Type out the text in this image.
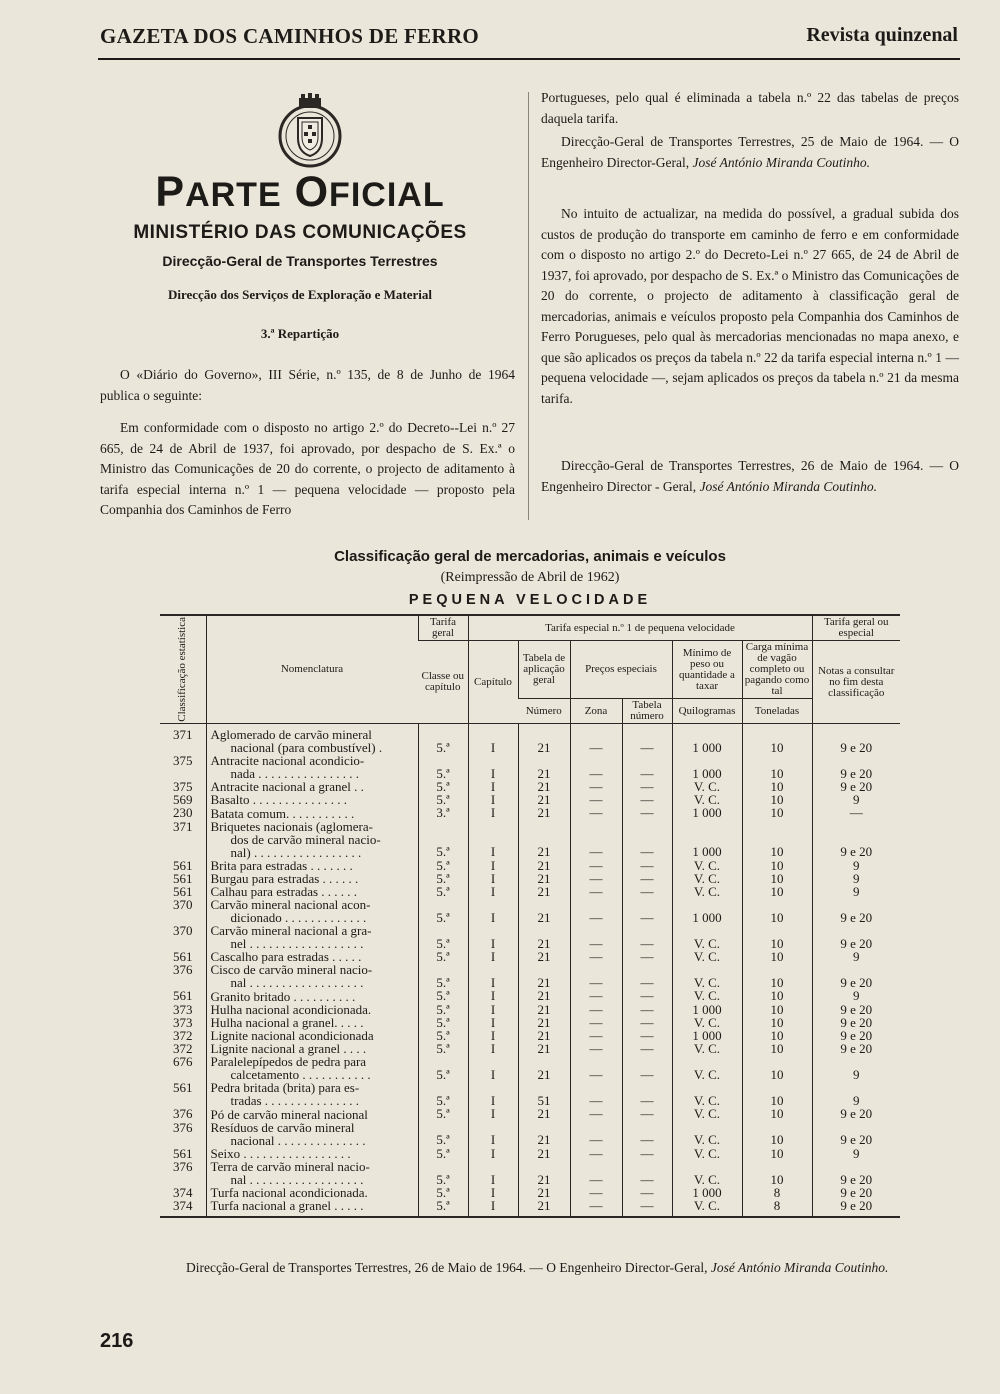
GAZETA DOS CAMINHOS DE FERRO	Revista quinzenal
PARTE OFICIAL
MINISTÉRIO DAS COMUNICAÇÕES
Direcção-Geral de Transportes Terrestres
Direcção dos Serviços de Exploração e Material
3.ª Repartição

O «Diário do Governo», III Série, n.º 135, de 8 de Junho de 1964 publica o seguinte:

Em conformidade com o disposto no artigo 2.º do Decreto--Lei n.º 27 665, de 24 de Abril de 1937, foi aprovado, por despacho de S. Ex.ª o Ministro das Comunicações de 20 do corrente, o projecto de aditamento à tarifa especial interna n.º 1 — pequena velocidade — proposto pela Companhia dos Caminhos de Ferro

Portugueses, pelo qual é eliminada a tabela n.º 22 das tabelas de preços daquela tarifa.

Direcção-Geral de Transportes Terrestres, 25 de Maio de 1964. — O Engenheiro Director-Geral, José António Miranda Coutinho.

No intuito de actualizar, na medida do possível, a gradual subida dos custos de produção do transporte em caminho de ferro e em conformidade com o disposto no artigo 2.º do Decreto-Lei n.º 27 665, de 24 de Abril de 1937, foi aprovado, por despacho de S. Ex.ª o Ministro das Comunicações de 20 do corrente, o projecto de aditamento à classificação geral de mercadorias, animais e veículos proposto pela Companhia dos Caminhos de Ferro Porugueses, pelo qual às mercadorias mencionadas no mapa anexo, e que são aplicados os preços da tabela n.º 22 da tarifa especial interna n.º 1 — pequena velocidade —, sejam aplicados os preços da tabela n.º 21 da mesma tarifa.

Direcção-Geral de Transportes Terrestres, 26 de Maio de 1964. — O Engenheiro Director - Geral, José António Miranda Coutinho.

Classificação geral de mercadorias, animais e veículos
(Reimpressão de Abril de 1962)
PEQUENA VELOCIDADE
Classificação estatística	Nomenclatura	Tarifa geral	Tarifa especial n.º 1 de pequena velocidade						Tarifa geral ou especial
		Classe ou capítulo	Capítulo	Tabela de aplicação geral	Preços especiais		Mínimo de peso ou quantidade a taxar	Carga mínima de vagão completo ou pagando como tal	Notas a consultar no fim desta classificação
				Número	Zona	Tabela número	Quilogramas	Toneladas	
371	Aglomerado de carvão mineral
nacional (para combustível) .	5.ª	I	21	—	—	1 000	10	9 e 20
375	Antracite nacional acondicio-
nada . . . . . . . . . . . . . . . .	5.ª	I	21	—	—	1 000	10	9 e 20
375	Antracite nacional a granel . .	5.ª	I	21	—	—	V. C.	10	9 e 20
569	Basalto . . . . . . . . . . . . . . .	5.ª	I	21	—	—	V. C.	10	9
230	Batata comum. . . . . . . . . . .	3.ª	I	21	—	—	1 000	10	—
371	Briquetes nacionais (aglomera-
dos de carvão mineral nacio-
nal) . . . . . . . . . . . . . . . . .	5.ª	I	21	—	—	1 000	10	9 e 20
561	Brita para estradas . . . . . . .	5.ª	I	21	—	—	V. C.	10	9
561	Burgau para estradas . . . . . .	5.ª	I	21	—	—	V. C.	10	9
561	Calhau para estradas . . . . . .	5.ª	I	21	—	—	V. C.	10	9
370	Carvão mineral nacional acon-
dicionado . . . . . . . . . . . . .	5.ª	I	21	—	—	1 000	10	9 e 20
370	Carvão mineral nacional a gra-
nel . . . . . . . . . . . . . . . . . .	5.ª	I	21	—	—	V. C.	10	9 e 20
561	Cascalho para estradas . . . . .	5.ª	I	21	—	—	V. C.	10	9
376	Cisco de carvão mineral nacio-
nal . . . . . . . . . . . . . . . . . .	5.ª	I	21	—	—	V. C.	10	9 e 20
561	Granito britado . . . . . . . . . .	5.ª	I	21	—	—	V. C.	10	9
373	Hulha nacional acondicionada.	5.ª	I	21	—	—	1 000	10	9 e 20
373	Hulha nacional a granel. . . . .	5.ª	I	21	—	—	V. C.	10	9 e 20
372	Lignite nacional acondicionada	5.ª	I	21	—	—	1 000	10	9 e 20
372	Lignite nacional a granel . . . .	5.ª	I	21	—	—	V. C.	10	9 e 20
676	Paralelepípedos de pedra para
calcetamento . . . . . . . . . . .	5.ª	I	21	—	—	V. C.	10	9
561	Pedra britada (brita) para es-
tradas . . . . . . . . . . . . . . .	5.ª	I	51	—	—	V. C.	10	9
376	Pó de carvão mineral nacional	5.ª	I	21	—	—	V. C.	10	9 e 20
376	Resíduos de carvão mineral
nacional . . . . . . . . . . . . . .	5.ª	I	21	—	—	V. C.	10	9 e 20
561	Seixo . . . . . . . . . . . . . . . . .	5.ª	I	21	—	—	V. C.	10	9
376	Terra de carvão mineral nacio-
nal . . . . . . . . . . . . . . . . . .	5.ª	I	21	—	—	V. C.	10	9 e 20
374	Turfa nacional acondicionada.	5.ª	I	21	—	—	1 000	8	9 e 20
374	Turfa nacional a granel . . . . .	5.ª	I	21	—	—	V. C.	8	9 e 20
Direcção-Geral de Transportes Terrestres, 26 de Maio de 1964. — O Engenheiro Director-Geral, José António Miranda Coutinho.
216
